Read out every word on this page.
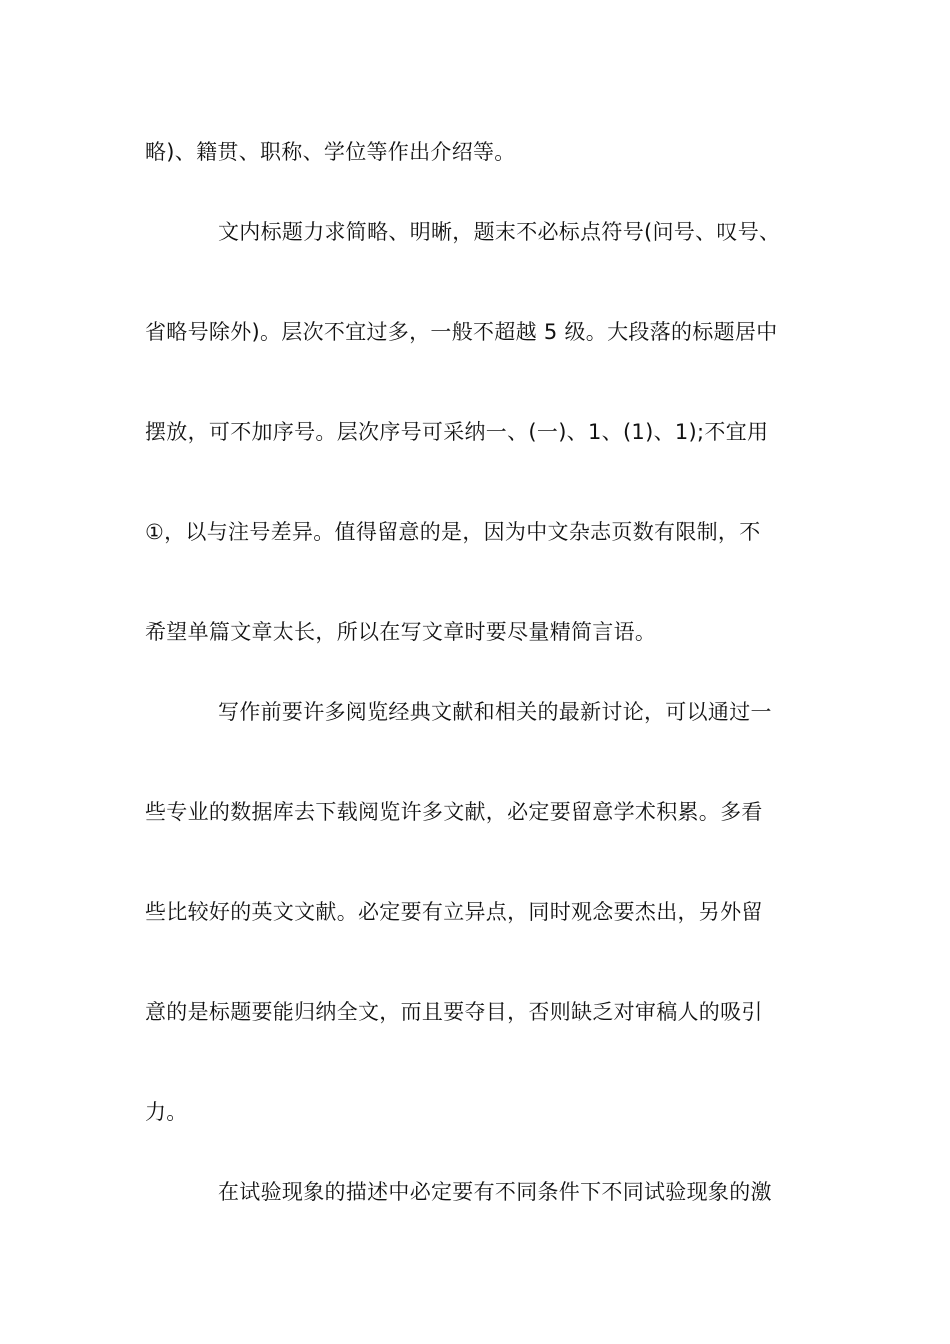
略)、籍贯、职称、学位等作出介绍等。
文内标题力求简略、明晰，题末不必标点符号(问号、叹号、
省略号除外)。层次不宜过多，一般不超越 5 级。大段落的标题居中
摆放，可不加序号。层次序号可采纳一、(一)、1、(1)、1);不宜用
①，以与注号差异。值得留意的是，因为中文杂志页数有限制，不
希望单篇文章太长，所以在写文章时要尽量精简言语。
写作前要许多阅览经典文献和相关的最新讨论，可以通过一
些专业的数据库去下载阅览许多文献，必定要留意学术积累。多看
些比较好的英文文献。必定要有立异点，同时观念要杰出，另外留
意的是标题要能归纳全文，而且要夺目，否则缺乏对审稿人的吸引
力。
在试验现象的描述中必定要有不同条件下不同试验现象的激
